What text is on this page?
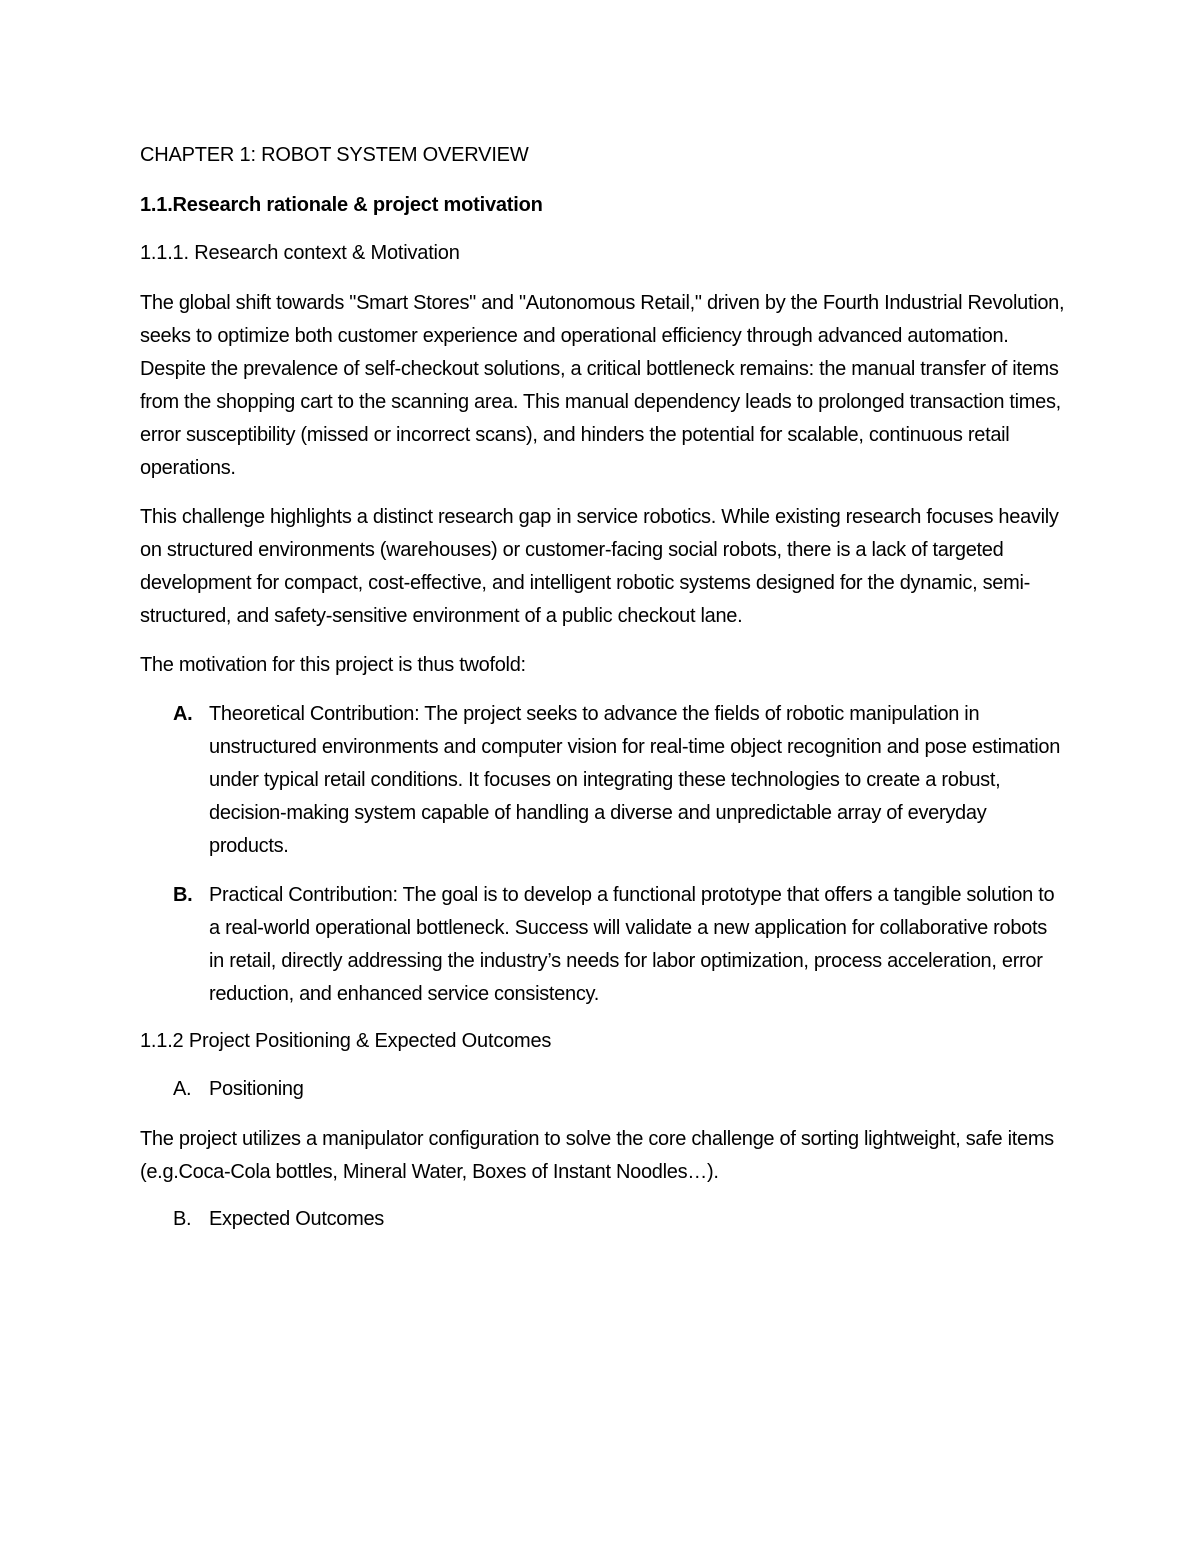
CHAPTER 1: ROBOT SYSTEM OVERVIEW
1.1.Research rationale & project motivation
1.1.1. Research context & Motivation

The global shift towards "Smart Stores" and "Autonomous Retail," driven by the Fourth Industrial Revolution, seeks to optimize both customer experience and operational efficiency through advanced automation. Despite the prevalence of self-checkout solutions, a critical bottleneck remains: the manual transfer of items from the shopping cart to the scanning area. This manual dependency leads to prolonged transaction times, error susceptibility (missed or incorrect scans), and hinders the potential for scalable, continuous retail operations.

This challenge highlights a distinct research gap in service robotics. While existing research focuses heavily on structured environments (warehouses) or customer-facing social robots, there is a lack of targeted development for compact, cost-effective, and intelligent robotic systems designed for the dynamic, semi-structured, and safety-sensitive environment of a public checkout lane.

The motivation for this project is thus twofold:

A. Theoretical Contribution: The project seeks to advance the fields of robotic manipulation in unstructured environments and computer vision for real-time object recognition and pose estimation under typical retail conditions. It focuses on integrating these technologies to create a robust, decision-making system capable of handling a diverse and unpredictable array of everyday products.
B. Practical Contribution: The goal is to develop a functional prototype that offers a tangible solution to a real-world operational bottleneck. Success will validate a new application for collaborative robots in retail, directly addressing the industry’s needs for labor optimization, process acceleration, error reduction, and enhanced service consistency.
1.1.2 Project Positioning & Expected Outcomes
A. Positioning

The project utilizes a manipulator configuration to solve the core challenge of sorting lightweight, safe items (e.g.Coca-Cola bottles, Mineral Water, Boxes of Instant Noodles…).

B. Expected Outcomes
